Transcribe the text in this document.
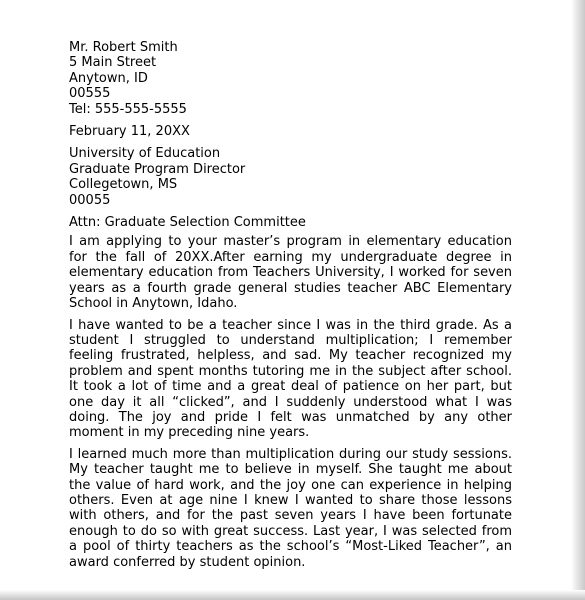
Mr. Robert Smith
5 Main Street
Anytown, ID
00555
Tel: 555-555-5555
February 11, 20XX
University of Education
Graduate Program Director
Collegetown, MS
00055
Attn: Graduate Selection Committee

I am applying to your master’s program in elementary education for the fall of 20XX.After earning my undergraduate degree in elementary education from Teachers University, I worked for seven years as a fourth grade general studies teacher ABC Elementary School in Anytown, Idaho.

I have wanted to be a teacher since I was in the third grade. As a student I struggled to understand multiplication; I remember feeling frustrated, helpless, and sad. My teacher recognized my problem and spent months tutoring me in the subject after school. It took a lot of time and a great deal of patience on her part, but one day it all “clicked”, and I suddenly understood what I was doing. The joy and pride I felt was unmatched by any other moment in my preceding nine years.

I learned much more than multiplication during our study sessions. My teacher taught me to believe in myself. She taught me about the value of hard work, and the joy one can experience in helping others. Even at age nine I knew I wanted to share those lessons with others, and for the past seven years I have been fortunate enough to do so with great success. Last year, I was selected from a pool of thirty teachers as the school’s “Most-Liked Teacher”, an award conferred by student opinion.
